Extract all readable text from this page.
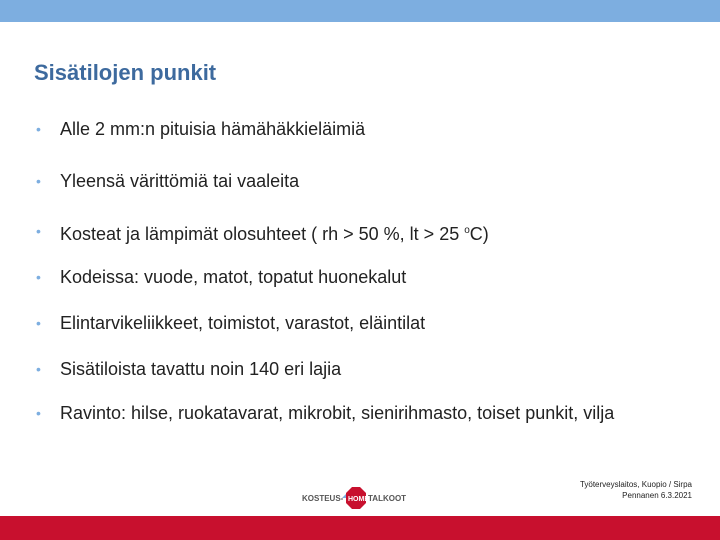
Sisätilojen punkit
• Alle 2 mm:n pituisia hämähäkkieläimiä
• Yleensä värittömiä tai vaaleita
• Kosteat ja lämpimät olosuhteet ( rh > 50 %, lt > 25 $^o$C)
• Kodeissa: vuode, matot, topatut huonekalut
• Elintarvikeliikkeet, toimistot, varastot, eläintilat
• Sisätiloista tavattu noin 140 eri lajia
• Ravinto: hilse, ruokatavarat, mikrobit, sienirihmasto, toiset punkit, vilja
Työterveyslaitos, Kuopio / Sirpa
Pennanen 6.3.2021
KOSTEUS- HOME TALKOOT
